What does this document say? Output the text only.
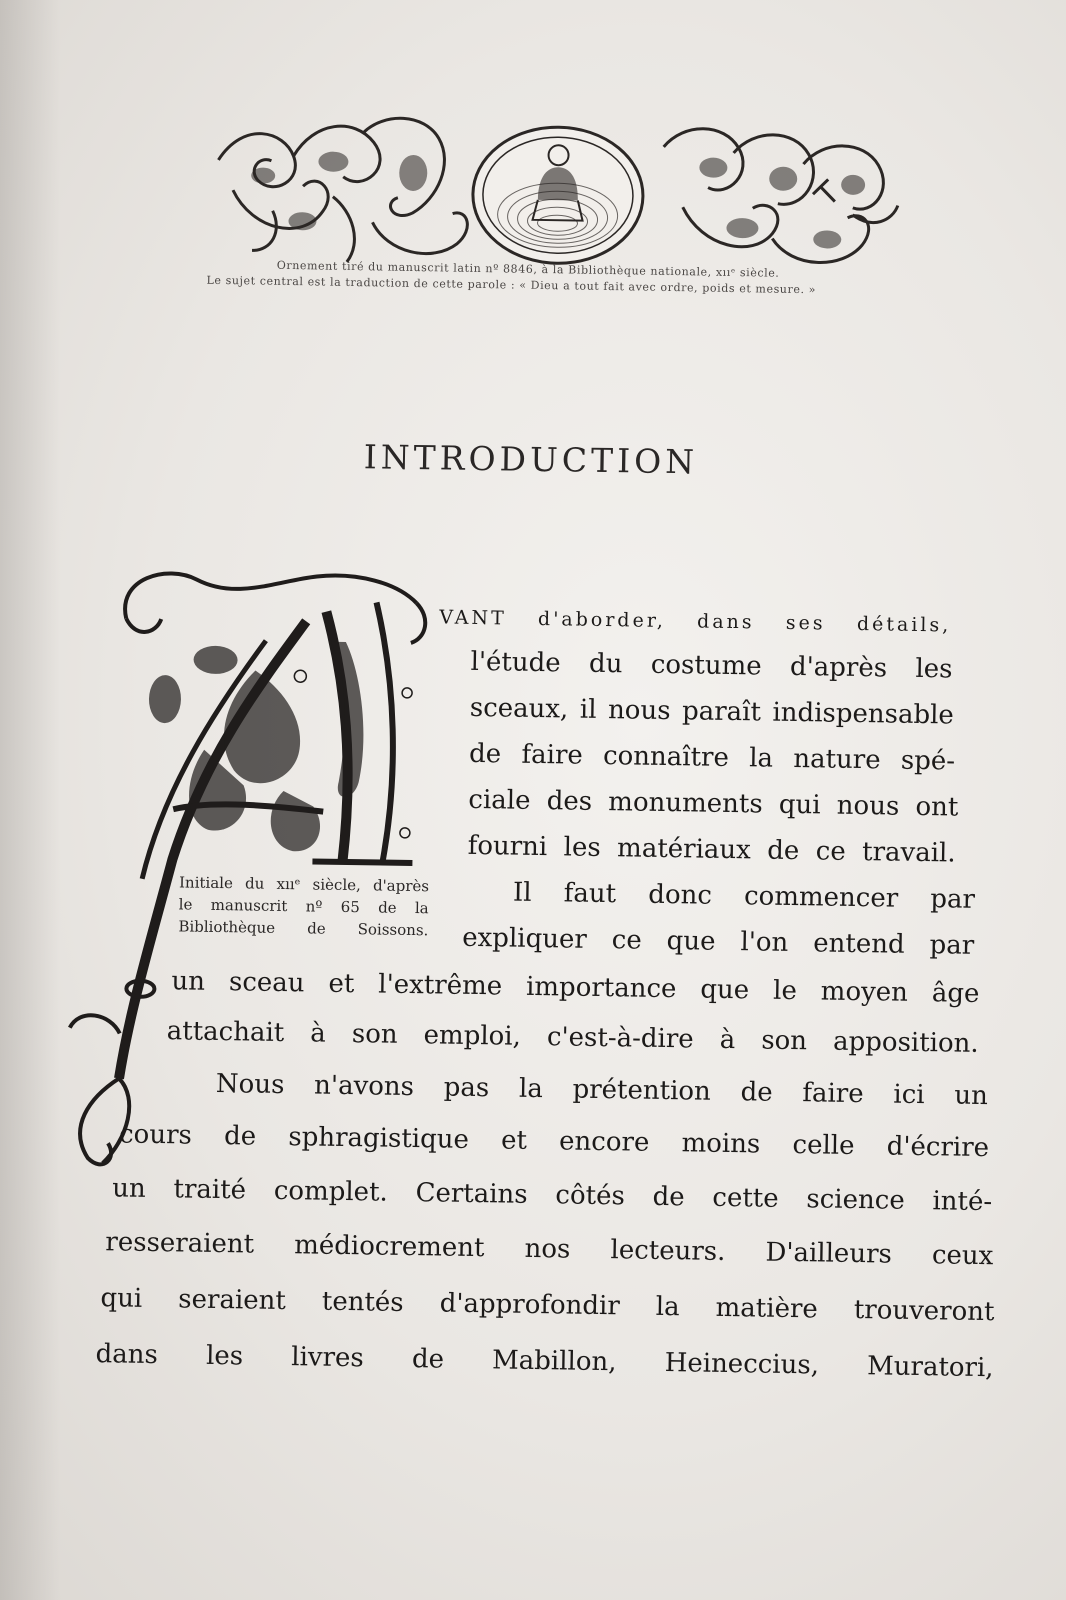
Ornement tiré du manuscrit latin nº 8846, à la Bibliothèque nationale, xııᵉ siècle.
Le sujet central est la traduction de cette parole : « Dieu a tout fait avec ordre, poids et mesure. »
INTRODUCTION
Initiale du xııᵉ siècle, d'après
le manuscrit nº 65 de la
Bibliothèque de Soissons.
VANT d'aborder, dans ses détails,
l'étude du costume d'après les
sceaux, il nous paraît indispensable
de faire connaître la nature spé-
ciale des monuments qui nous ont
fourni les matériaux de ce travail.
Il faut donc commencer par
expliquer ce que l'on entend par
un sceau et l'extrême importance que le moyen âge
attachait à son emploi, c'est-à-dire à son apposition.
Nous n'avons pas la prétention de faire ici un
cours de sphragistique et encore moins celle d'écrire
un traité complet. Certains côtés de cette science inté-
resseraient médiocrement nos lecteurs. D'ailleurs ceux
qui seraient tentés d'approfondir la matière trouveront
dans les livres de Mabillon, Heineccius, Muratori,
